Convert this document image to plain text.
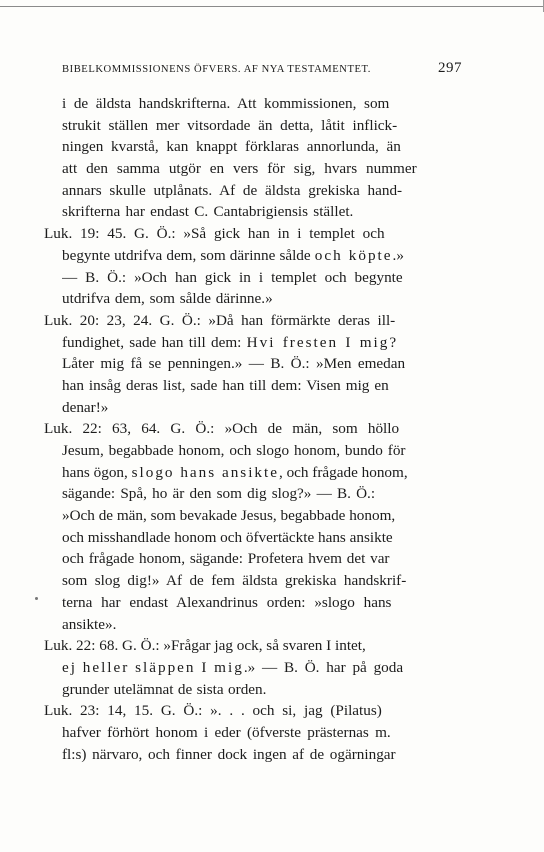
BIBELKOMMISSIONENS ÖFVERS. AF NYA TESTAMENTET.	297
i de äldsta handskrifterna. Att kommissionen, som
strukit ställen mer vitsordade än detta, låtit inflick-
ningen kvarstå, kan knappt förklaras annorlunda, än
att den samma utgör en vers för sig, hvars nummer
annars skulle utplånats. Af de äldsta grekiska hand-
skrifterna har endast C. Cantabrigiensis stället.
Luk. 19: 45. G. Ö.: »Så gick han in i templet och
begynte utdrifva dem, som därinne sålde och köpte.»
— B. Ö.: »Och han gick in i templet och begynte
utdrifva dem, som sålde därinne.»
Luk. 20: 23, 24. G. Ö.: »Då han förmärkte deras ill-
fundighet, sade han till dem: Hvi fresten I mig?
Låter mig få se penningen.» — B. Ö.: »Men emedan
han insåg deras list, sade han till dem: Visen mig en
denar!»
Luk. 22: 63, 64. G. Ö.: »Och de män, som höllo
Jesum, begabbade honom, och slogo honom, bundo för
hans ögon, slogo hans ansikte, och frågade honom,
sägande: Spå, ho är den som dig slog?» — B. Ö.:
»Och de män, som bevakade Jesus, begabbade honom,
och misshandlade honom och öfvertäckte hans ansikte
och frågade honom, sägande: Profetera hvem det var
som slog dig!» Af de fem äldsta grekiska handskrif-
terna har endast Alexandrinus orden: »slogo hans
ansikte».
Luk. 22: 68. G. Ö.: »Frågar jag ock, så svaren I intet,
ej heller släppen I mig.» — B. Ö. har på goda
grunder utelämnat de sista orden.
Luk. 23: 14, 15. G. Ö.: ». . . och si, jag (Pilatus)
hafver förhört honom i eder (öfverste prästernas m.
fl:s) närvaro, och finner dock ingen af de ogärningar
